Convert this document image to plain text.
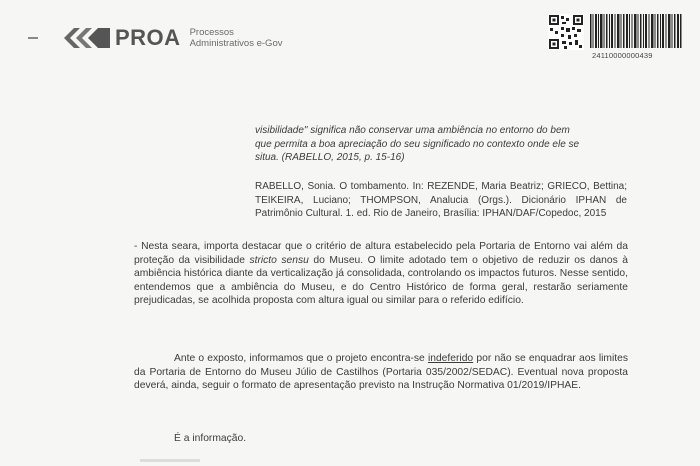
PROA Processos
Administrativos e-Gov
24110000000439
visibilidade" significa não conservar uma ambiência no entorno do bem
que permita a boa apreciação do seu significado no contexto onde ele se
situa. (RABELLO, 2015, p. 15-16)
RABELLO, Sonia. O tombamento. In: REZENDE, Maria Beatriz; GRIECO, Bettina; TEIKEIRA, Luciano; THOMPSON, Analucia (Orgs.). Dicionário IPHAN de Patrimônio Cultural. 1. ed. Rio de Janeiro, Brasília: IPHAN/DAF/Copedoc, 2015
- Nesta seara, importa destacar que o critério de altura estabelecido pela Portaria de Entorno vai além da proteção da visibilidade stricto sensu do Museu. O limite adotado tem o objetivo de reduzir os danos à ambiência histórica diante da verticalização já consolidada, controlando os impactos futuros. Nesse sentido, entendemos que a ambiência do Museu, e do Centro Histórico de forma geral, restarão seriamente prejudicadas, se acolhida proposta com altura igual ou similar para o referido edifício.
Ante o exposto, informamos que o projeto encontra-se indeferido por não se enquadrar aos limites da Portaria de Entorno do Museu Júlio de Castilhos (Portaria 035/2002/SEDAC). Eventual nova proposta deverá, ainda, seguir o formato de apresentação previsto na Instrução Normativa 01/2019/IPHAE.
É a informação.
